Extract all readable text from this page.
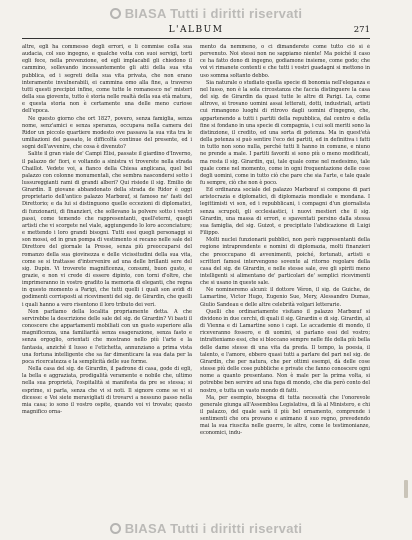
BIASA Tutti i diritti riservati
L'ALBUM	271

altre, egli ha commesso degli errori, e li commise colla sua audacia, col suo ingegno, e qualche volta con suoi servigi, torti egli fece, nella prevenzione, ed egli implacabil gli chiedono il cammino, sollevando incessantemente gli atti della sua vita pubblica, ed i segreti della sua vita privata, che non erano interamente invulnerabili, ei cammina omo alla fine, a traverso tutti questi precipizi infine, come tutte le romanesco ne' misteri della sua gioventu, tutto è storia nelle realtà della sua età matura, e questa storia non è certamente una delle meno curiose dell'epoca.

Ne questo giorno che ort 1827, povero, senza famiglia, senza nome, senz'amici e senza speranza, occupava nella camera dei Ridor un piccolo quartiere modesto ove passava la sua vita tra le umiliazioni del passato, le difficoltà continue del presente, ed i sogni dell'avvenire, che cosa è divenuto?

Salite il gran viale de' Campi Elisi, passate il giardino d'Inverno, il palazzo de' fiori, e voltando a sinistra vi troverete nella strada Chaillot. Vedete voi, a fianco della Chiesa anglicana, quel bel palazzo con colonne monumentali, che sembra nascondersi sotto i lussureggianti rami di grandi alberi? Qui risiede il sig. Emilio de Girardin. Il giovane abbandonato della strada de Ridor è oggi proprietario dell'antico palazzo Marbœuf, si famoso ne' fasti del Direttorio; e da lui si distinguono quelle eccezioni di diplomatici, di funzionarii, di finanzieri, che sollevano la polvere sotto i vostri passi, come temendo che rappresentanti, quell'eterni, quegli artisti che vi scorgete nel viale, aggiungendo lo loro acconciature; e mettendo i loro grandi bisogni. Tutti essi quegli personaggi si son mossi, ed in gran pompa di vestimento si recano nelle sale del Direttore del giornale la Presse, senza più preoccuparsi del romanzo della sua giovinezza e delle vicissitudini della sua vita, come se si trattasse d'intervenire ad una delle brillanti sere del sig. Dupin. Vi troverete magnificenza, consumi, buon gusto, e grazie, e non vi crede di essere dipinto, con torni d'oltre, che imprimeranno in vostro gradito la memoria di eleganti, che regna in questo momento a Parigi, che tutti quelli i quali son avidi di godimenti corrisposti ai ricevimenti del sig. de Girardin, che quelli i quali hanno a vero risentono il loro tributo dei veri.

Non parliamo della localita propriamente detta. A che servirebbe la descrizione delle sale del sig. de Girardin? Vi basti il conoscere che appartamenti mobiliati con un gusto superiore alla magnificenza, una familiarità senza esagerazione, senza fasto e senza orgoglio, orientati che mostrano nello più l'arte e la fantasia, anziché il lusso e l'etichetta, annunziano a prima vista una fortuna intelligente che sa far dimenticare la sua data per la poca ricercatezza e la semplicità delle sue forme.

Nella casa del sig. de Girardin, il padrone di casa, gode di egli, la bella e aggraziata, prodigalità veramente e nobile che, ultimo nella sua proprietà, l'ospitalità si manifesta da pre se stessa; si esprime, si parla, senza che vi si noti. Il signore come se vi si dicesse: e Voi siete meravigliati di trovarvi a nessuno passo nella mia casa; io sono il vostro ospite, quando voi vi trovate; questo magnifico orna-

mento da nemmeno, o ci dimanderete come tutto ciò si è pervenuto. Noi stessi non ne sappiamo niente! Ma poiché il caso ce ha fatto dono di ingegno, godiamone insieme, come godo; che voi vi rimanete contenti e che tutti i vostri guadagni si mettono in uso somma soltanto debbo.

Sia naturale o studiato quella specie di bonomia nell'eleganza e nel lusso, non è la sola circostanza che faccia distinguere la casa del sig. de Girardin da quasi tutte le altre di Parigi. La, come altrove, si trovano uomini assai letterati, dotti, industriali, artisti cui rimangono luoghi di ritrovo dagli uomini d'ingegno, che, appartenendo a tutti i partiti della repubblica, dal centro e della fine si fondano in una specie di compagnia, i cui soli meriti sono la distinzione, il credito, ed una sorta di potenza. Ma in quest'età della potenza si può sentire l'eco dei partiti, ed in definitiva i fatti in tutto non sono nulla, perché tutti li hanno in comune, e niuno ne prende a male. I partiti favoriti si sono più o meno modificati, ma resta il sig. Girardin, qui, tale quale come nel medesimo, tale quale come nel momento, come in ogni frequentazione delle cose degli uomini, come in tutto ciò che pare che sia l'arte, e tale quale fu sempre, ciò che non è poco.

Ed ordinanza sociale del palazzo Marbœuf si compone di pari aristocrazia e diplomatici, di diplomazia mondiale e mondana. I legittimisti vi son, ed i repubblicani, i compagni d'un giornalista senza scrupoli, gli ecclesiastici, i nuovi mestieri che il sig. Girardin, una massa di errori, e spaventati persino dalla stessa sua famiglia, del sig. Guizot, e precipitato l'abdicazione di Luigi Filippo.

Molti nuclei funzionarii pubblici, non però rappresentanti della regione intraprendente e nomini di diplomazia, molti finanzieri che preoccupano di avvenimenti, poiché, fortunati, artisti e scrittori famosi intervengono sovente al ritorno regolare della casa del sig. de Girardin, e nelle stesse sale, ove gli spiriti meno intelligenti si alimentano de' particolari de' semplici ricevimenti che si usano in queste sale.

Ne nomineremo alcuni: il dottore Véron, il sig. de Guiche, de Lamartine, Victor Hugo, Eugenio Sue, Mery, Alessandro Dumas, Giulio Sandeau e delle altre celebrità volgari letterarie.

Quelli che ordinariamente visitano il palazzo Marbœuf si dividono in due cerchi, di quali il sig. Girardin e di sig. Girardin, al di Vienna e di Lamartine sono i capi. Le accademie di mondo, il riceveranno fossero, e di uomini, si parlano essi del vostro; intratteniamo essi, che si bloccano sempre nelle file della più bella delle dame stesse di una vita da preda. Il tempo, la poesia, il talento, e l'amore, ebbero quasi tutti a parlare del pari nel sig. de Girardin, che per natura, che per ottimi esempi, dà delle cose stesse più delle cose pubbliche e private che fanno conoscere ogni nome a quanto presentano. Non è male per la prima volta, si potrebbe ben servire ad una fuga di mondo, che dia però conto del nostro, e tutta un vasto mondo di fatti.

Ma, per esempio, bisogna di tutta necessità che l'onorevole generale giunga all'Assemblea Legislativa, di là al Ministero, e chi il palazzo, del quale sarà il più bel ornamento, comprende i sentimenti che ora provano e animano il suo regno, prevedendo mai la sua riuscita nelle guerre, le altre, come le testimonianze, economici, indu-

BIASA Tutti i diritti riservati
